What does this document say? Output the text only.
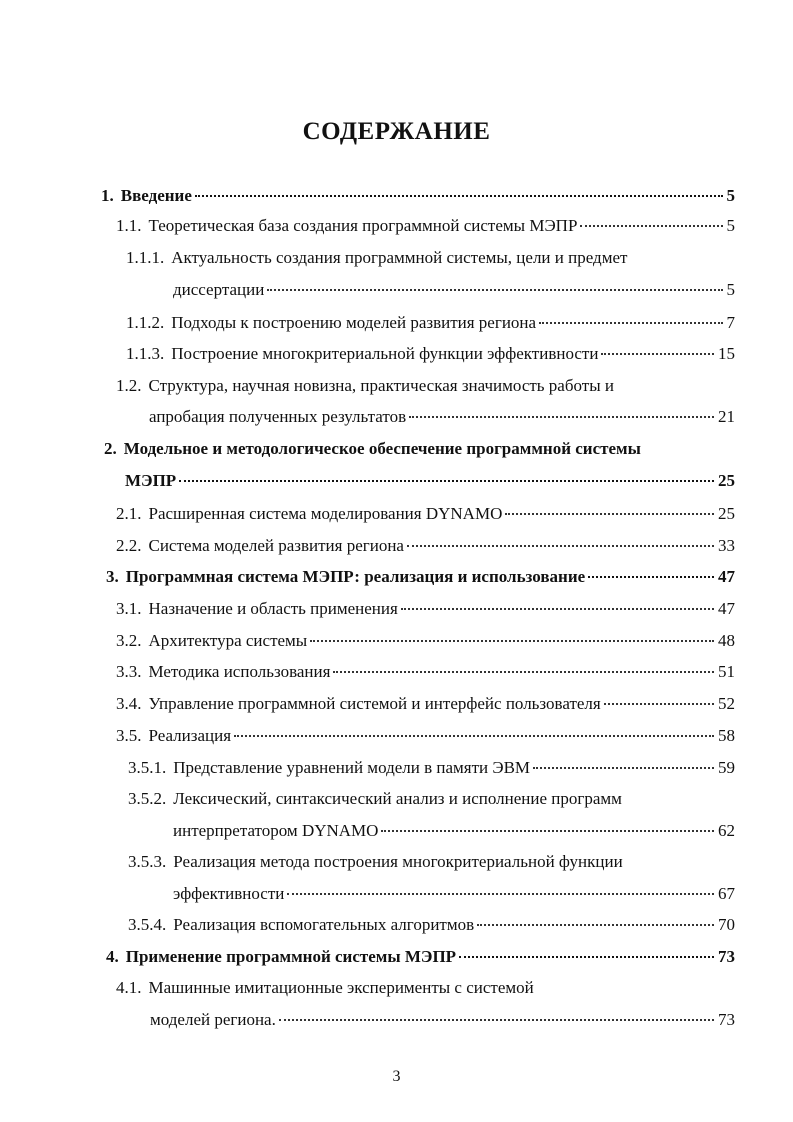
СОДЕРЖАНИЕ
1. Введение	5
1.1. Теоретическая база создания программной системы МЭПР	5
1.1.1. Актуальность создания программной системы, цели и предмет
диссертации	5
1.1.2. Подходы к построению моделей развития региона	7
1.1.3. Построение многокритериальной функции эффективности	15
1.2. Структура, научная новизна, практическая значимость работы и
апробация полученных результатов	21
2. Модельное и методологическое обеспечение программной системы
МЭПР	25
2.1. Расширенная система моделирования DYNAMO	25
2.2. Система моделей развития региона	33
3. Программная система МЭПР: реализация и использование	47
3.1. Назначение и область применения	47
3.2. Архитектура системы	48
3.3. Методика использования	51
3.4. Управление программной системой и интерфейс пользователя	52
3.5. Реализация	58
3.5.1. Представление уравнений модели в памяти ЭВМ	59
3.5.2. Лексический, синтаксический анализ и исполнение программ
интерпретатором DYNAMO	62
3.5.3. Реализация метода построения многокритериальной функции
эффективности	67
3.5.4. Реализация вспомогательных алгоритмов	70
4. Применение программной системы МЭПР	73
4.1. Машинные имитационные эксперименты с системой
моделей региона.	73
3
